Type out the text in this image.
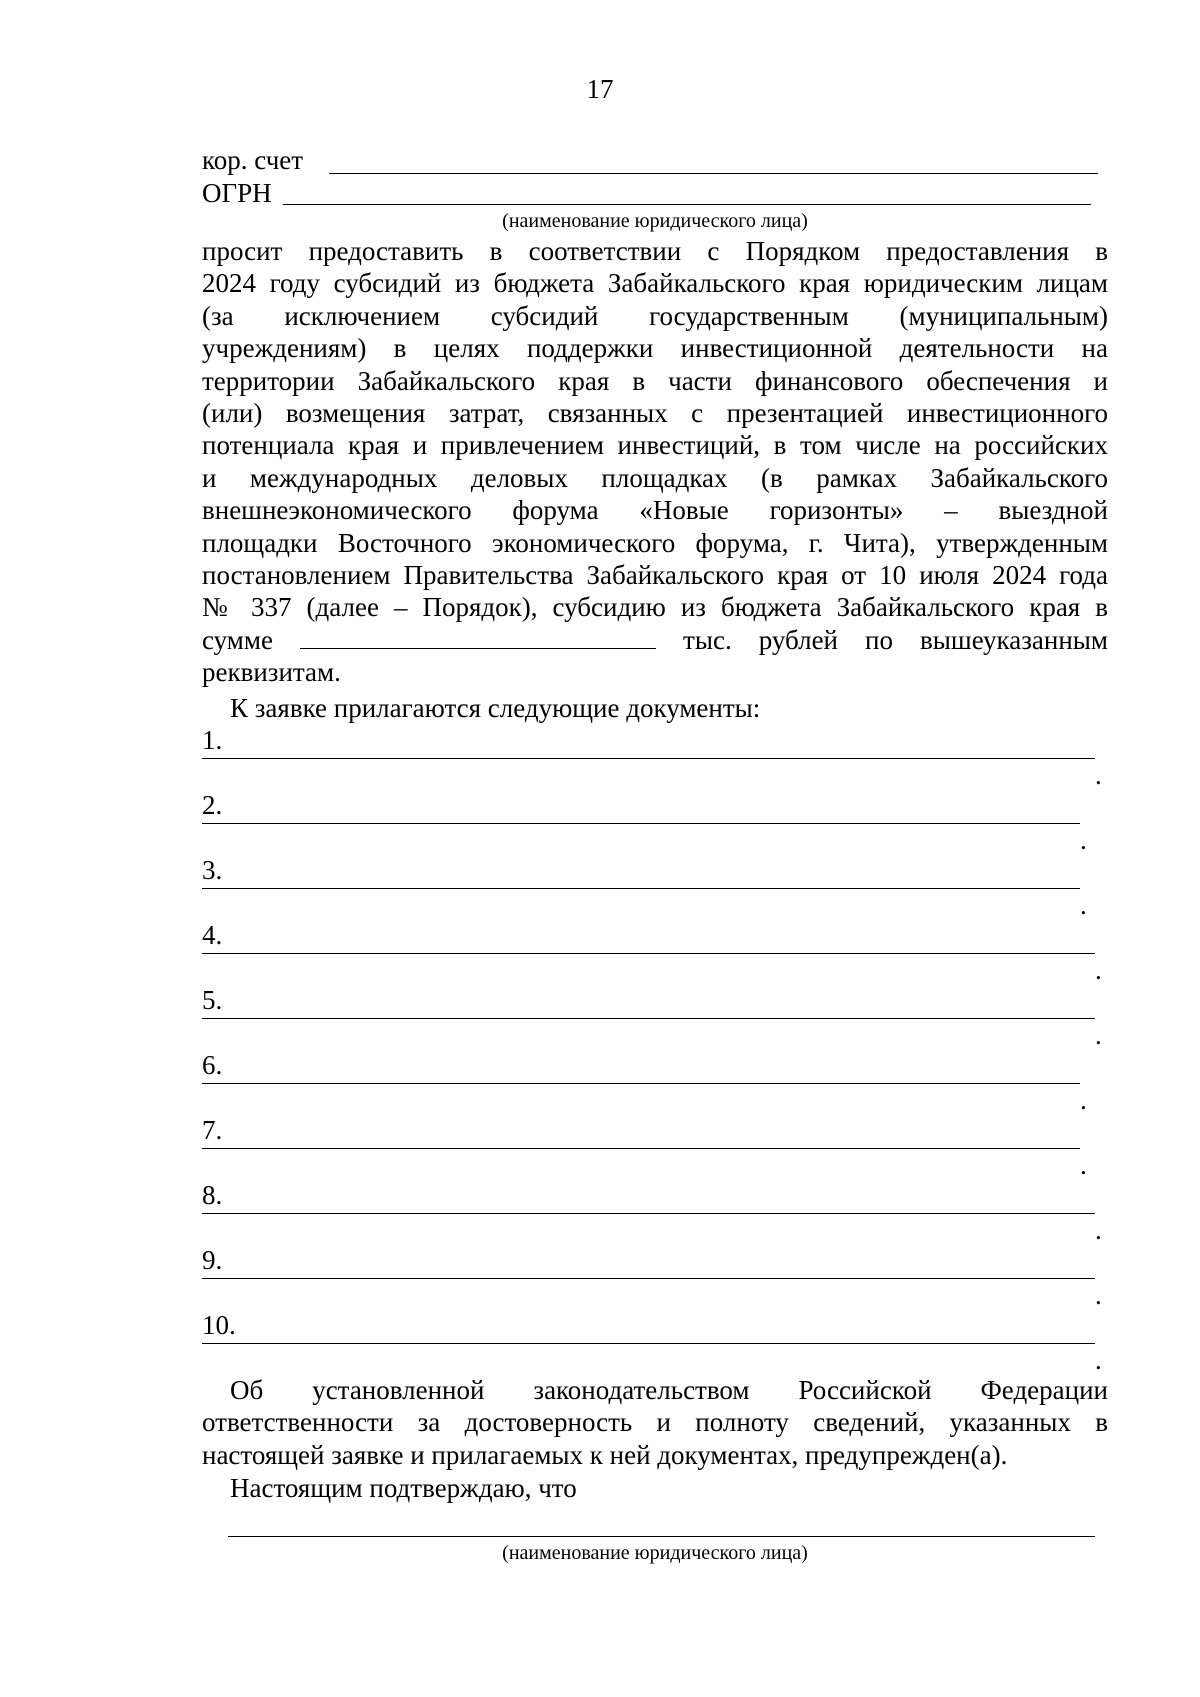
17
кор. счет
ОГРН
(наименование юридического лица)
просит предоставить в соответствии с Порядком предоставления в
2024 году субсидий из бюджета Забайкальского края юридическим лицам
(за исключением субсидий государственным (муниципальным)
учреждениям) в целях поддержки инвестиционной деятельности на
территории Забайкальского края в части финансового обеспечения и
(или) возмещения затрат, связанных с презентацией инвестиционного
потенциала края и привлечением инвестиций, в том числе на российских
и международных деловых площадках (в рамках Забайкальского
внешнеэкономического форума «Новые горизонты» – выездной
площадки Восточного экономического форума, г. Чита), утвержденным
постановлением Правительства Забайкальского края от 10 июля 2024 года
№ 337 (далее – Порядок), субсидию из бюджета Забайкальского края в
сумме	тыс. рублей по вышеуказанным
реквизитам.
К заявке прилагаются следующие документы:
1.
.
2.
.
3.
.
4.
.
5.
.
6.
.
7.
.
8.
.
9.
.
10.
.
Об установленной законодательством Российской Федерации
ответственности за достоверность и полноту сведений, указанных в
настоящей заявке и прилагаемых к ней документах, предупрежден(а).
Настоящим подтверждаю, что
(наименование юридического лица)
